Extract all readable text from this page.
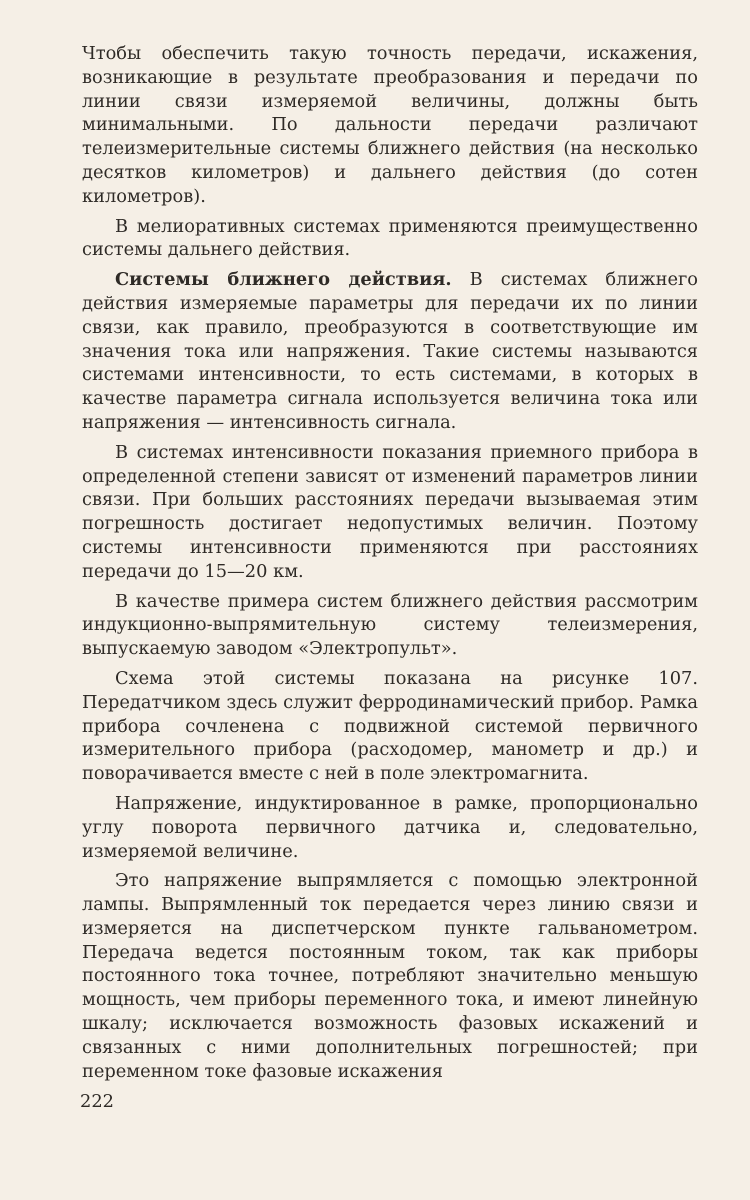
Чтобы обеспечить такую точность передачи, искажения, возникающие в результате преобразования и передачи по линии связи измеряемой величины, должны быть минимальными. По дальности передачи различают телеизмерительные системы ближнего действия (на несколько десятков километров) и дальнего действия (до сотен километров).

В мелиоративных системах применяются преимущественно системы дальнего действия.

Системы ближнего действия. В системах ближнего действия измеряемые параметры для передачи их по линии связи, как правило, преобразуются в соответствующие им значения тока или напряжения. Такие системы называются системами интенсивности, то есть системами, в которых в качестве параметра сигнала используется величина тока или напряжения — интенсивность сигнала.

В системах интенсивности показания приемного прибора в определенной степени зависят от изменений параметров линии связи. При больших расстояниях передачи вызываемая этим погрешность достигает недопустимых величин. Поэтому системы интенсивности применяются при расстояниях передачи до 15—20 км.

В качестве примера систем ближнего действия рассмотрим индукционно-выпрямительную систему телеизмерения, выпускаемую заводом «Электропульт».

Схема этой системы показана на рисунке 107. Передатчиком здесь служит ферродинамический прибор. Рамка прибора сочленена с подвижной системой первичного измерительного прибора (расходомер, манометр и др.) и поворачивается вместе с ней в поле электромагнита.

Напряжение, индуктированное в рамке, пропорционально углу поворота первичного датчика и, следовательно, измеряемой величине.

Это напряжение выпрямляется с помощью электронной лампы. Выпрямленный ток передается через линию связи и измеряется на диспетчерском пункте гальванометром. Передача ведется постоянным током, так как приборы постоянного тока точнее, потребляют значительно меньшую мощность, чем приборы переменного тока, и имеют линейную шкалу; исключается возможность фазовых искажений и связанных с ними дополнительных погрешностей; при переменном токе фазовые искажения

222
